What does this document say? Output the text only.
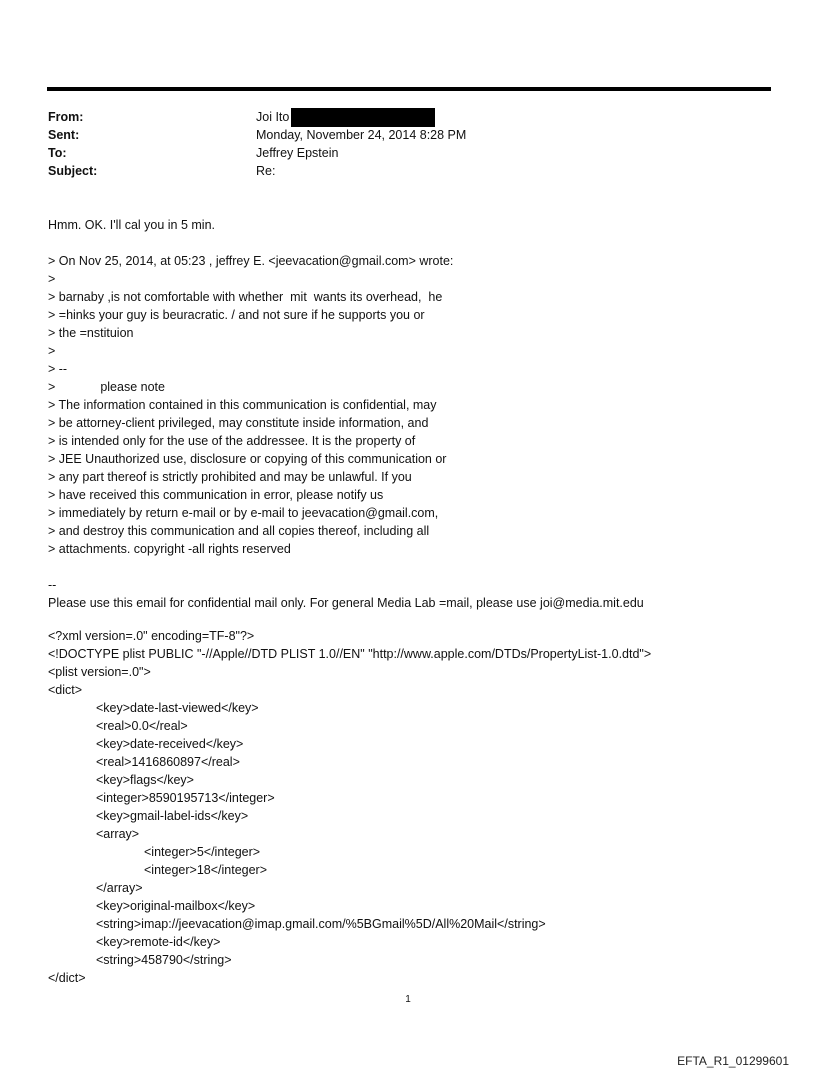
From:	Joi Ito
Sent:	Monday, November 24, 2014 8:28 PM
To:	Jeffrey Epstein
Subject:	Re:
Hmm. OK. I'll cal you in 5 min.
> On Nov 25, 2014, at 05:23 , jeffrey E. <jeevacation@gmail.com> wrote:
>
> barnaby ,is not comfortable with whether  mit  wants its overhead,  he
> =hinks your guy is beuracratic. / and not sure if he supports you or
> the =nstituion
>
> --
>	please note
> The information contained in this communication is confidential, may
> be attorney-client privileged, may constitute inside information, and
> is intended only for the use of the addressee. It is the property of
> JEE Unauthorized use, disclosure or copying of this communication or
> any part thereof is strictly prohibited and may be unlawful. If you
> have received this communication in error, please notify us
> immediately by return e-mail or by e-mail to jeevacation@gmail.com,
> and destroy this communication and all copies thereof, including all
> attachments. copyright -all rights reserved
--
Please use this email for confidential mail only. For general Media Lab =mail, please use joi@media.mit.edu
<?xml version=.0" encoding=TF-8"?>
<!DOCTYPE plist PUBLIC "-//Apple//DTD PLIST 1.0//EN" "http://www.apple.com/DTDs/PropertyList-1.0.dtd">
<plist version=.0">
<dict>
<key>date-last-viewed</key>
<real>0.0</real>
<key>date-received</key>
<real>1416860897</real>
<key>flags</key>
<integer>8590195713</integer>
<key>gmail-label-ids</key>
<array>
<integer>5</integer>
<integer>18</integer>
</array>
<key>original-mailbox</key>
<string>imap://jeevacation@imap.gmail.com/%5BGmail%5D/All%20Mail</string>
<key>remote-id</key>
<string>458790</string>
</dict>
1
EFTA_R1_01299601
